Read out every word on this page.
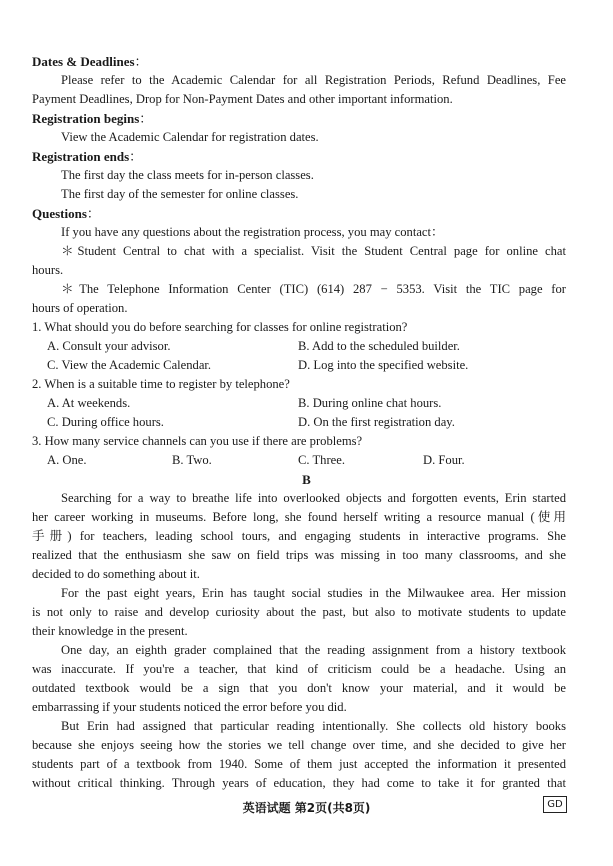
Dates & Deadlines：
Please refer to the Academic Calendar for all Registration Periods, Refund Deadlines, Fee
Payment Deadlines, Drop for Non-Payment Dates and other important information.
Registration begins：
View the Academic Calendar for registration dates.
Registration ends：
The first day the class meets for in-person classes.
The first day of the semester for online classes.
Questions：
If you have any questions about the registration process, you may contact：
＊Student Central to chat with a specialist. Visit the Student Central page for online chat
hours.
＊The Telephone Information Center (TIC) (614) 287 − 5353. Visit the TIC page for
hours of operation.
1. What should you do before searching for classes for online registration?
A. Consult your advisor.	B. Add to the scheduled builder.
C. View the Academic Calendar.	D. Log into the specified website.
2. When is a suitable time to register by telephone?
A. At weekends.	B. During online chat hours.
C. During office hours.	D. On the first registration day.
3. How many service channels can you use if there are problems?
A. One.	B. Two.	C. Three.	D. Four.
B
Searching for a way to breathe life into overlooked objects and forgotten events, Erin started
her career working in museums. Before long, she found herself writing a resource manual (使用
手册) for teachers, leading school tours, and engaging students in interactive programs. She
realized that the enthusiasm she saw on field trips was missing in too many classrooms, and she
decided to do something about it.
For the past eight years, Erin has taught social studies in the Milwaukee area. Her mission
is not only to raise and develop curiosity about the past, but also to motivate students to update
their knowledge in the present.
One day, an eighth grader complained that the reading assignment from a history textbook
was inaccurate. If you're a teacher, that kind of criticism could be a headache. Using an
outdated textbook would be a sign that you don't know your material, and it would be
embarrassing if your students noticed the error before you did.
But Erin had assigned that particular reading intentionally. She collects old history books
because she enjoys seeing how the stories we tell change over time, and she decided to give her
students part of a textbook from 1940. Some of them just accepted the information it presented
without critical thinking. Through years of education, they had come to take it for granted that
英语试题 第2页(共8页)	GD
